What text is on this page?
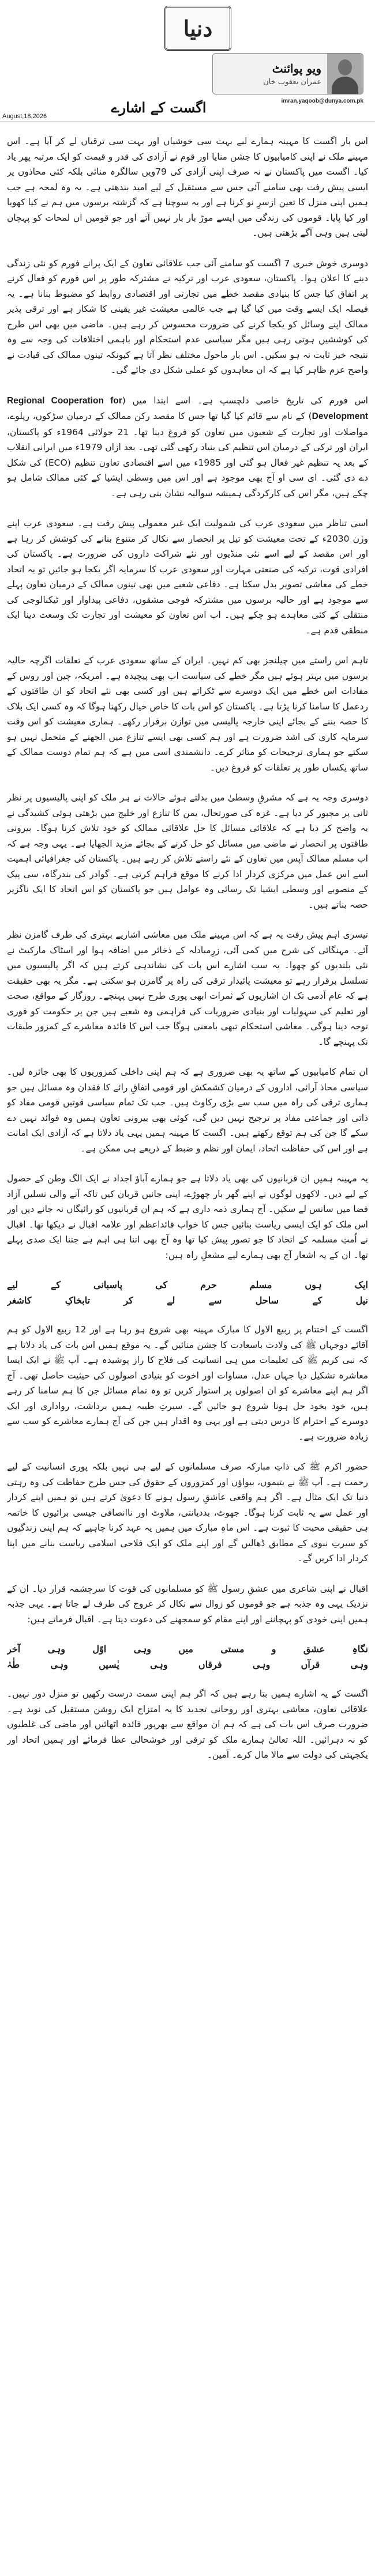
دنیا
ویو پوائنٹ
عمران یعقوب خان
imran.yaqoob@dunya.com.pk
اگست کے اشارے
August,18,2026

اس بار اگست کا مہینہ ہمارے لیے بہت سی خوشیاں اور بہت سی ترقیاں لے کر آیا ہے۔ اس مہینے ملک نے اپنی کامیابیوں کا جشن منایا اور قوم نے آزادی کی قدر و قیمت کو ایک مرتبہ پھر یاد کیا۔ اگست میں پاکستان نے نہ صرف اپنی آزادی کی 79ویں سالگرہ منائی بلکہ کئی محاذوں پر ایسی پیش رفت بھی سامنے آئی جس سے مستقبل کے لیے امید بندھتی ہے۔ یہ وہ لمحہ ہے جب ہمیں اپنی منزل کا تعین ازسرِ نو کرنا ہے اور یہ سوچنا ہے کہ گزشتہ برسوں میں ہم نے کیا کھویا اور کیا پایا۔ قوموں کی زندگی میں ایسے موڑ بار بار نہیں آتے اور جو قومیں ان لمحات کو پہچان لیتی ہیں وہی آگے بڑھتی ہیں۔

دوسری خوش خبری 7 اگست کو سامنے آئی جب علاقائی تعاون کے ایک پرانے فورم کو نئی زندگی دینے کا اعلان ہوا۔ پاکستان، سعودی عرب اور ترکیہ نے مشترکہ طور پر اس فورم کو فعال کرنے پر اتفاق کیا جس کا بنیادی مقصد خطے میں تجارتی اور اقتصادی روابط کو مضبوط بنانا ہے۔ یہ فیصلہ ایک ایسے وقت میں کیا گیا ہے جب عالمی معیشت غیر یقینی کا شکار ہے اور ترقی پذیر ممالک اپنے وسائل کو یکجا کرنے کی ضرورت محسوس کر رہے ہیں۔ ماضی میں بھی اس طرح کی کوششیں ہوتی رہی ہیں مگر سیاسی عدم استحکام اور باہمی اختلافات کی وجہ سے وہ نتیجہ خیز ثابت نہ ہو سکیں۔ اس بار ماحول مختلف نظر آتا ہے کیونکہ تینوں ممالک کی قیادت نے واضح عزم ظاہر کیا ہے کہ ان معاہدوں کو عملی شکل دی جائے گی۔

اس فورم کی تاریخ خاصی دلچسپ ہے۔ اسے ابتدا میں (Regional Cooperation for Development) کے نام سے قائم کیا گیا تھا جس کا مقصد رکن ممالک کے درمیان سڑکوں، ریلوے، مواصلات اور تجارت کے شعبوں میں تعاون کو فروغ دینا تھا۔ 21 جولائی 1964ء کو پاکستان، ایران اور ترکی کے درمیان اس تنظیم کی بنیاد رکھی گئی تھی۔ بعد ازاں 1979ء میں ایرانی انقلاب کے بعد یہ تنظیم غیر فعال ہو گئی اور 1985ء میں اسے اقتصادی تعاون تنظیم (ECO) کی شکل دے دی گئی۔ ای سی او آج بھی موجود ہے اور اس میں وسطی ایشیا کے کئی ممالک شامل ہو چکے ہیں، مگر اس کی کارکردگی ہمیشہ سوالیہ نشان بنی رہی ہے۔

اسی تناظر میں سعودی عرب کی شمولیت ایک غیر معمولی پیش رفت ہے۔ سعودی عرب اپنے وژن 2030ء کے تحت معیشت کو تیل پر انحصار سے نکال کر متنوع بنانے کی کوشش کر رہا ہے اور اس مقصد کے لیے اسے نئی منڈیوں اور نئے شراکت داروں کی ضرورت ہے۔ پاکستان کی افرادی قوت، ترکیہ کی صنعتی مہارت اور سعودی عرب کا سرمایہ اگر یکجا ہو جائیں تو یہ اتحاد خطے کی معاشی تصویر بدل سکتا ہے۔ دفاعی شعبے میں بھی تینوں ممالک کے درمیان تعاون پہلے سے موجود ہے اور حالیہ برسوں میں مشترکہ فوجی مشقوں، دفاعی پیداوار اور ٹیکنالوجی کی منتقلی کے کئی معاہدے ہو چکے ہیں۔ اب اس تعاون کو معیشت اور تجارت تک وسعت دینا ایک منطقی قدم ہے۔

تاہم اس راستے میں چیلنجز بھی کم نہیں۔ ایران کے ساتھ سعودی عرب کے تعلقات اگرچہ حالیہ برسوں میں بہتر ہوئے ہیں مگر خطے کی سیاست اب بھی پیچیدہ ہے۔ امریکہ، چین اور روس کے مفادات اس خطے میں ایک دوسرے سے ٹکراتے ہیں اور کسی بھی نئے اتحاد کو ان طاقتوں کے ردعمل کا سامنا کرنا پڑتا ہے۔ پاکستان کو اس بات کا خاص خیال رکھنا ہوگا کہ وہ کسی ایک بلاک کا حصہ بننے کے بجائے اپنی خارجہ پالیسی میں توازن برقرار رکھے۔ ہماری معیشت کو اس وقت سرمایہ کاری کی اشد ضرورت ہے اور ہم کسی بھی ایسے تنازع میں الجھنے کے متحمل نہیں ہو سکتے جو ہماری ترجیحات کو متاثر کرے۔ دانشمندی اسی میں ہے کہ ہم تمام دوست ممالک کے ساتھ یکساں طور پر تعلقات کو فروغ دیں۔

دوسری وجہ یہ ہے کہ مشرقِ وسطیٰ میں بدلتے ہوئے حالات نے ہر ملک کو اپنی پالیسیوں پر نظر ثانی پر مجبور کر دیا ہے۔ غزہ کی صورتحال، یمن کا تنازع اور خلیج میں بڑھتی ہوئی کشیدگی نے یہ واضح کر دیا ہے کہ علاقائی مسائل کا حل علاقائی ممالک کو خود تلاش کرنا ہوگا۔ بیرونی طاقتوں پر انحصار نے ماضی میں مسائل کو حل کرنے کے بجائے مزید الجھایا ہے۔ یہی وجہ ہے کہ اب مسلم ممالک آپس میں تعاون کے نئے راستے تلاش کر رہے ہیں۔ پاکستان کی جغرافیائی اہمیت اسے اس عمل میں مرکزی کردار ادا کرنے کا موقع فراہم کرتی ہے۔ گوادر کی بندرگاہ، سی پیک کے منصوبے اور وسطی ایشیا تک رسائی وہ عوامل ہیں جو پاکستان کو اس اتحاد کا ایک ناگزیر حصہ بناتے ہیں۔

تیسری اہم پیش رفت یہ ہے کہ اس مہینے ملک میں معاشی اشاریے بہتری کی طرف گامزن نظر آئے۔ مہنگائی کی شرح میں کمی آئی، زرِمبادلہ کے ذخائر میں اضافہ ہوا اور اسٹاک مارکیٹ نے نئی بلندیوں کو چھوا۔ یہ سب اشارے اس بات کی نشاندہی کرتے ہیں کہ اگر پالیسیوں میں تسلسل برقرار رہے تو معیشت پائیدار ترقی کی راہ پر گامزن ہو سکتی ہے۔ مگر یہ بھی حقیقت ہے کہ عام آدمی تک ان اشاریوں کے ثمرات ابھی پوری طرح نہیں پہنچے۔ روزگار کے مواقع، صحت اور تعلیم کی سہولیات اور بنیادی ضروریات کی فراہمی وہ شعبے ہیں جن پر حکومت کو فوری توجہ دینا ہوگی۔ معاشی استحکام تبھی بامعنی ہوگا جب اس کا فائدہ معاشرے کے کمزور طبقات تک پہنچے گا۔

ان تمام کامیابیوں کے ساتھ یہ بھی ضروری ہے کہ ہم اپنی داخلی کمزوریوں کا بھی جائزہ لیں۔ سیاسی محاذ آرائی، اداروں کے درمیان کشمکش اور قومی اتفاقِ رائے کا فقدان وہ مسائل ہیں جو ہماری ترقی کی راہ میں سب سے بڑی رکاوٹ ہیں۔ جب تک تمام سیاسی قوتیں قومی مفاد کو ذاتی اور جماعتی مفاد پر ترجیح نہیں دیں گی، کوئی بھی بیرونی تعاون ہمیں وہ فوائد نہیں دے سکے گا جن کی ہم توقع رکھتے ہیں۔ اگست کا مہینہ ہمیں یہی یاد دلاتا ہے کہ آزادی ایک امانت ہے اور اس کی حفاظت اتحاد، ایمان اور نظم و ضبط کے ذریعے ہی ممکن ہے۔

یہ مہینہ ہمیں ان قربانیوں کی بھی یاد دلاتا ہے جو ہمارے آباؤ اجداد نے ایک الگ وطن کے حصول کے لیے دیں۔ لاکھوں لوگوں نے اپنے گھر بار چھوڑے، اپنی جانیں قربان کیں تاکہ آنے والی نسلیں آزاد فضا میں سانس لے سکیں۔ آج ہماری ذمہ داری ہے کہ ہم ان قربانیوں کو رائیگاں نہ جانے دیں اور اس ملک کو ایک ایسی ریاست بنائیں جس کا خواب قائداعظم اور علامہ اقبال نے دیکھا تھا۔ اقبال نے اُمتِ مسلمہ کے اتحاد کا جو تصور پیش کیا تھا وہ آج بھی اتنا ہی اہم ہے جتنا ایک صدی پہلے تھا۔ ان کے یہ اشعار آج بھی ہمارے لیے مشعلِ راہ ہیں:

ایک ہوں مسلم حرم کی پاسبانی کے لیے

نیل کے ساحل سے لے کر تابخاکِ کاشغر

اگست کے اختتام پر ربیع الاول کا مبارک مہینہ بھی شروع ہو رہا ہے اور 12 ربیع الاول کو ہم آقائے دوجہاں ﷺ کی ولادت باسعادت کا جشن منائیں گے۔ یہ موقع ہمیں اس بات کی یاد دلاتا ہے کہ نبی کریم ﷺ کی تعلیمات میں ہی انسانیت کی فلاح کا راز پوشیدہ ہے۔ آپ ﷺ نے ایک ایسا معاشرہ تشکیل دیا جہاں عدل، مساوات اور اخوت کو بنیادی اصولوں کی حیثیت حاصل تھی۔ آج اگر ہم اپنے معاشرے کو ان اصولوں پر استوار کریں تو وہ تمام مسائل جن کا ہم سامنا کر رہے ہیں، خود بخود حل ہونا شروع ہو جائیں گے۔ سیرتِ طیبہ ہمیں برداشت، رواداری اور ایک دوسرے کے احترام کا درس دیتی ہے اور یہی وہ اقدار ہیں جن کی آج ہمارے معاشرے کو سب سے زیادہ ضرورت ہے۔

حضور اکرم ﷺ کی ذاتِ مبارکہ صرف مسلمانوں کے لیے ہی نہیں بلکہ پوری انسانیت کے لیے رحمت ہے۔ آپ ﷺ نے یتیموں، بیواؤں اور کمزوروں کے حقوق کی جس طرح حفاظت کی وہ رہتی دنیا تک ایک مثال ہے۔ اگر ہم واقعی عاشقِ رسول ہونے کا دعویٰ کرتے ہیں تو ہمیں اپنے کردار اور عمل سے یہ ثابت کرنا ہوگا۔ جھوٹ، بددیانتی، ملاوٹ اور ناانصافی جیسی برائیوں کا خاتمہ ہی حقیقی محبت کا ثبوت ہے۔ اس ماہِ مبارک میں ہمیں یہ عہد کرنا چاہیے کہ ہم اپنی زندگیوں کو سیرتِ نبوی کے مطابق ڈھالیں گے اور اپنے ملک کو ایک فلاحی اسلامی ریاست بنانے میں اپنا کردار ادا کریں گے۔

اقبال نے اپنی شاعری میں عشقِ رسول ﷺ کو مسلمانوں کی قوت کا سرچشمہ قرار دیا۔ ان کے نزدیک یہی وہ جذبہ ہے جو قوموں کو زوال سے نکال کر عروج کی طرف لے جاتا ہے۔ یہی جذبہ ہمیں اپنی خودی کو پہچاننے اور اپنے مقام کو سمجھنے کی دعوت دیتا ہے۔ اقبال فرماتے ہیں:

نگاہِ عشق و مستی میں وہی اوّل وہی آخر

وہی قرآں وہی فرقاں وہی یٰسیں وہی طٰہٰ

اگست کے یہ اشارے ہمیں بتا رہے ہیں کہ اگر ہم اپنی سمت درست رکھیں تو منزل دور نہیں۔ علاقائی تعاون، معاشی بہتری اور روحانی تجدید کا یہ امتزاج ایک روشن مستقبل کی نوید ہے۔ ضرورت صرف اس بات کی ہے کہ ہم ان مواقع سے بھرپور فائدہ اٹھائیں اور ماضی کی غلطیوں کو نہ دہرائیں۔ اللہ تعالیٰ ہمارے ملک کو ترقی اور خوشحالی عطا فرمائے اور ہمیں اتحاد اور یکجہتی کی دولت سے مالا مال کرے۔ آمین۔
